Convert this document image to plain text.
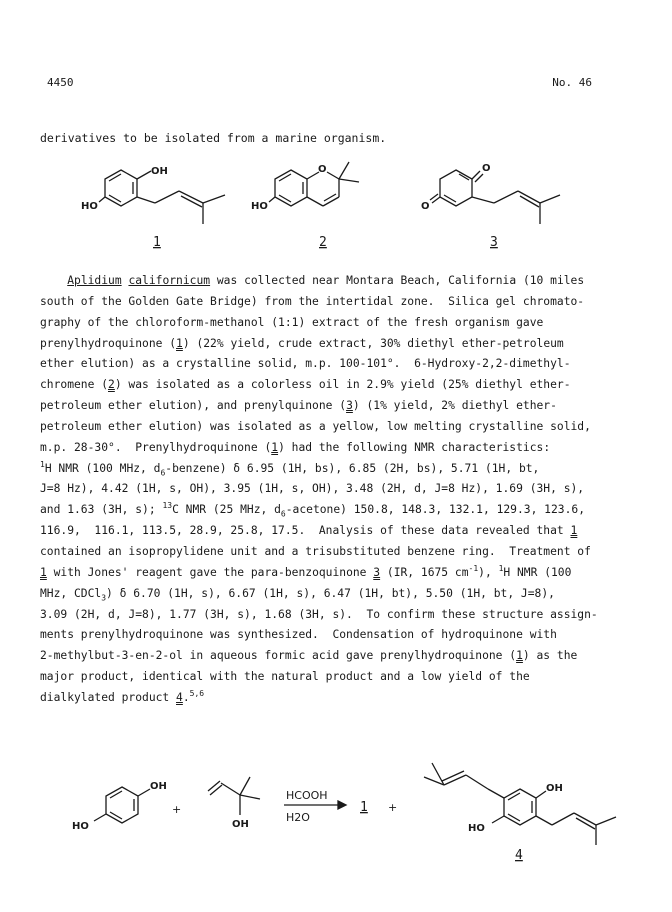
4450	No. 46
derivatives to be isolated from a marine organism.
OH
HO
1
O
HO
2
O
O
3
Aplidium californicum was collected near Montara Beach, California (10 miles
south of the Golden Gate Bridge) from the intertidal zone.  Silica gel chromato-
graphy of the chloroform-methanol (1:1) extract of the fresh organism gave
prenylhydroquinone (1) (22% yield, crude extract, 30% diethyl ether-petroleum
ether elution) as a crystalline solid, m.p. 100-101°.  6-Hydroxy-2,2-dimethyl-
chromene (2) was isolated as a colorless oil in 2.9% yield (25% diethyl ether-
petroleum ether elution), and prenylquinone (3) (1% yield, 2% diethyl ether-
petroleum ether elution) was isolated as a yellow, low melting crystalline solid,
m.p. 28-30°.  Prenylhydroquinone (1) had the following NMR characteristics:
$^1$H NMR (100 MHz, $d_6-benzene$) δ 6.95 (1H, bs), 6.85 (2H, bs), 5.71 (1H, bt,
J=8 Hz), 4.42 (1H, s, OH), 3.95 (1H, s, OH), 3.48 (2H, d, J=8 Hz), 1.69 (3H, s),
and 1.63 (3H, s); $^{13}$C NMR (25 MHz, $d_6-acetone$) 150.8, 148.3, 132.1, 129.3, 123.6,
116.9,  116.1, 113.5, 28.9, 25.8, 17.5.  Analysis of these data revealed that 1
contained an isopropylidene unit and a trisubstituted benzene ring.  Treatment of
1 with Jones' reagent gave the para-benzoquinone 3 (IR, 1675 $cm^{-1}$), $^1$H NMR (100
MHz, CDCl$_3$) δ 6.70 (1H, s), 6.67 (1H, s), 6.47 (1H, bt), 5.50 (1H, bt, J=8),
3.09 (2H, d, J=8), 1.77 (3H, s), 1.68 (3H, s).  To confirm these structure assign-
ments prenylhydroquinone was synthesized.  Condensation of hydroquinone with
2-methylbut-3-en-2-ol in aqueous formic acid gave prenylhydroquinone (1) as the
major product, identical with the natural product and a low yield of the
dialkylated product 4.$^{5,6}$
OH
HO
+
OH
HCOOH
H2O
1 +
OH
HO
4
